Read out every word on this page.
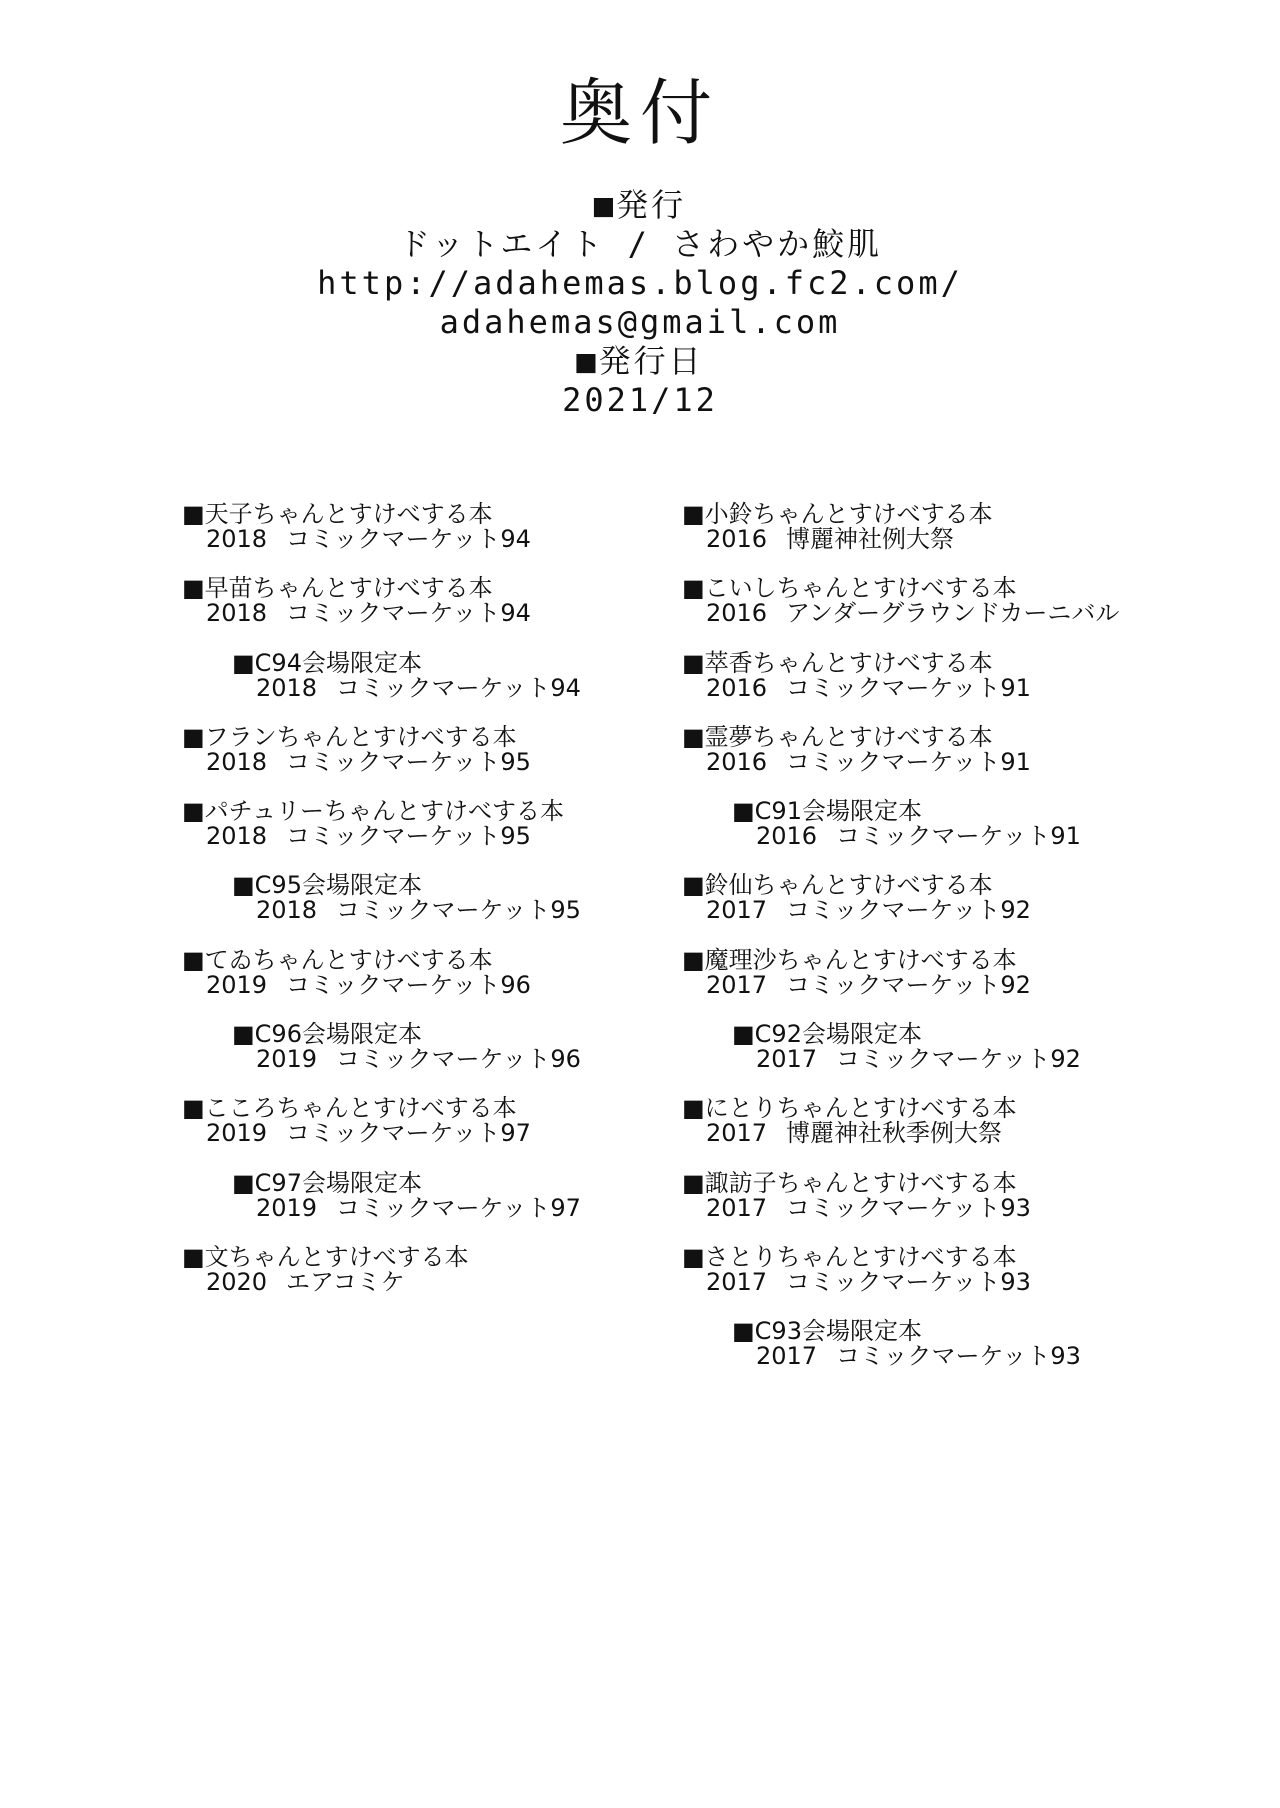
奥付
■発行
ドットエイト / さわやか鮫肌
http://adahemas.blog.fc2.com/
adahemas@gmail.com
■発行日
2021/12
■天子ちゃんとすけべする本
2018 コミックマーケット94
■早苗ちゃんとすけべする本
2018 コミックマーケット94
■C94会場限定本
2018 コミックマーケット94
■フランちゃんとすけべする本
2018 コミックマーケット95
■パチュリーちゃんとすけべする本
2018 コミックマーケット95
■C95会場限定本
2018 コミックマーケット95
■てゐちゃんとすけべする本
2019 コミックマーケット96
■C96会場限定本
2019 コミックマーケット96
■こころちゃんとすけべする本
2019 コミックマーケット97
■C97会場限定本
2019 コミックマーケット97
■文ちゃんとすけべする本
2020 エアコミケ
■小鈴ちゃんとすけべする本
2016 博麗神社例大祭
■こいしちゃんとすけべする本
2016 アンダーグラウンドカーニバル
■萃香ちゃんとすけべする本
2016 コミックマーケット91
■霊夢ちゃんとすけべする本
2016 コミックマーケット91
■C91会場限定本
2016 コミックマーケット91
■鈴仙ちゃんとすけべする本
2017 コミックマーケット92
■魔理沙ちゃんとすけべする本
2017 コミックマーケット92
■C92会場限定本
2017 コミックマーケット92
■にとりちゃんとすけべする本
2017 博麗神社秋季例大祭
■諏訪子ちゃんとすけべする本
2017 コミックマーケット93
■さとりちゃんとすけべする本
2017 コミックマーケット93
■C93会場限定本
2017 コミックマーケット93
